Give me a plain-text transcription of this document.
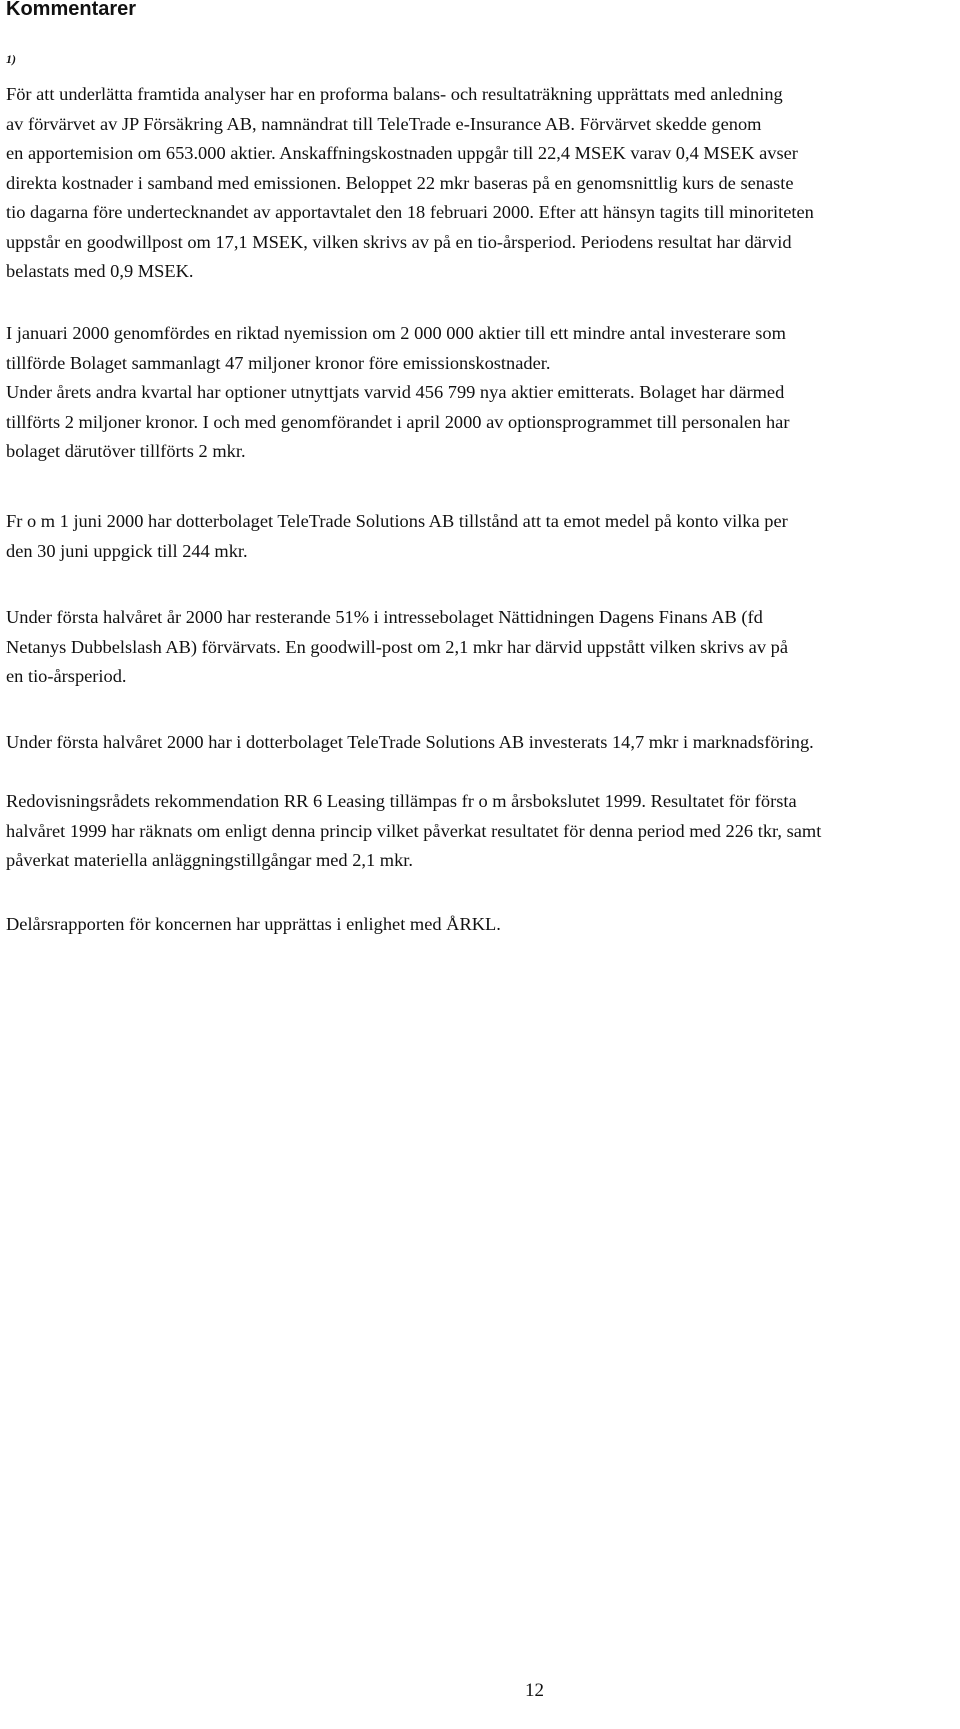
Kommentarer
1)

För att underlätta framtida analyser har en proforma balans- och resultaträkning upprättats med anledning
av förvärvet av JP Försäkring AB, namnändrat till TeleTrade e-Insurance AB. Förvärvet skedde genom
en apportemision om 653.000 aktier. Anskaffningskostnaden uppgår till 22,4 MSEK varav 0,4 MSEK avser
direkta kostnader i samband med emissionen. Beloppet 22 mkr baseras på en genomsnittlig kurs de senaste
tio dagarna före undertecknandet av apportavtalet den 18 februari 2000. Efter att hänsyn tagits till minoriteten
uppstår en goodwillpost om 17,1 MSEK, vilken skrivs av på en tio-årsperiod. Periodens resultat har därvid
belastats med 0,9 MSEK.

I januari 2000 genomfördes en riktad nyemission om 2 000 000 aktier till ett mindre antal investerare som
tillförde Bolaget sammanlagt 47 miljoner kronor före emissionskostnader.
Under årets andra kvartal har optioner utnyttjats varvid 456 799 nya aktier emitterats. Bolaget har därmed
tillförts 2 miljoner kronor. I och med genomförandet i april 2000 av optionsprogrammet till personalen har
bolaget därutöver tillförts 2 mkr.

Fr o m 1 juni 2000 har dotterbolaget TeleTrade Solutions AB tillstånd att ta emot medel på konto vilka per
den 30 juni uppgick till 244 mkr.

Under första halvåret år 2000 har resterande 51% i intressebolaget Nättidningen Dagens Finans AB (fd
Netanys Dubbelslash AB) förvärvats. En goodwill-post om 2,1 mkr har därvid uppstått vilken skrivs av på
en tio-årsperiod.

Under första halvåret 2000 har i dotterbolaget TeleTrade Solutions AB investerats 14,7 mkr i marknadsföring.

Redovisningsrådets rekommendation RR 6 Leasing tillämpas fr o m årsbokslutet 1999. Resultatet för första
halvåret 1999 har räknats om enligt denna princip vilket påverkat resultatet för denna period med 226 tkr, samt
påverkat materiella anläggningstillgångar med 2,1 mkr.

Delårsrapporten för koncernen har upprättas i enlighet med ÅRKL.

12
